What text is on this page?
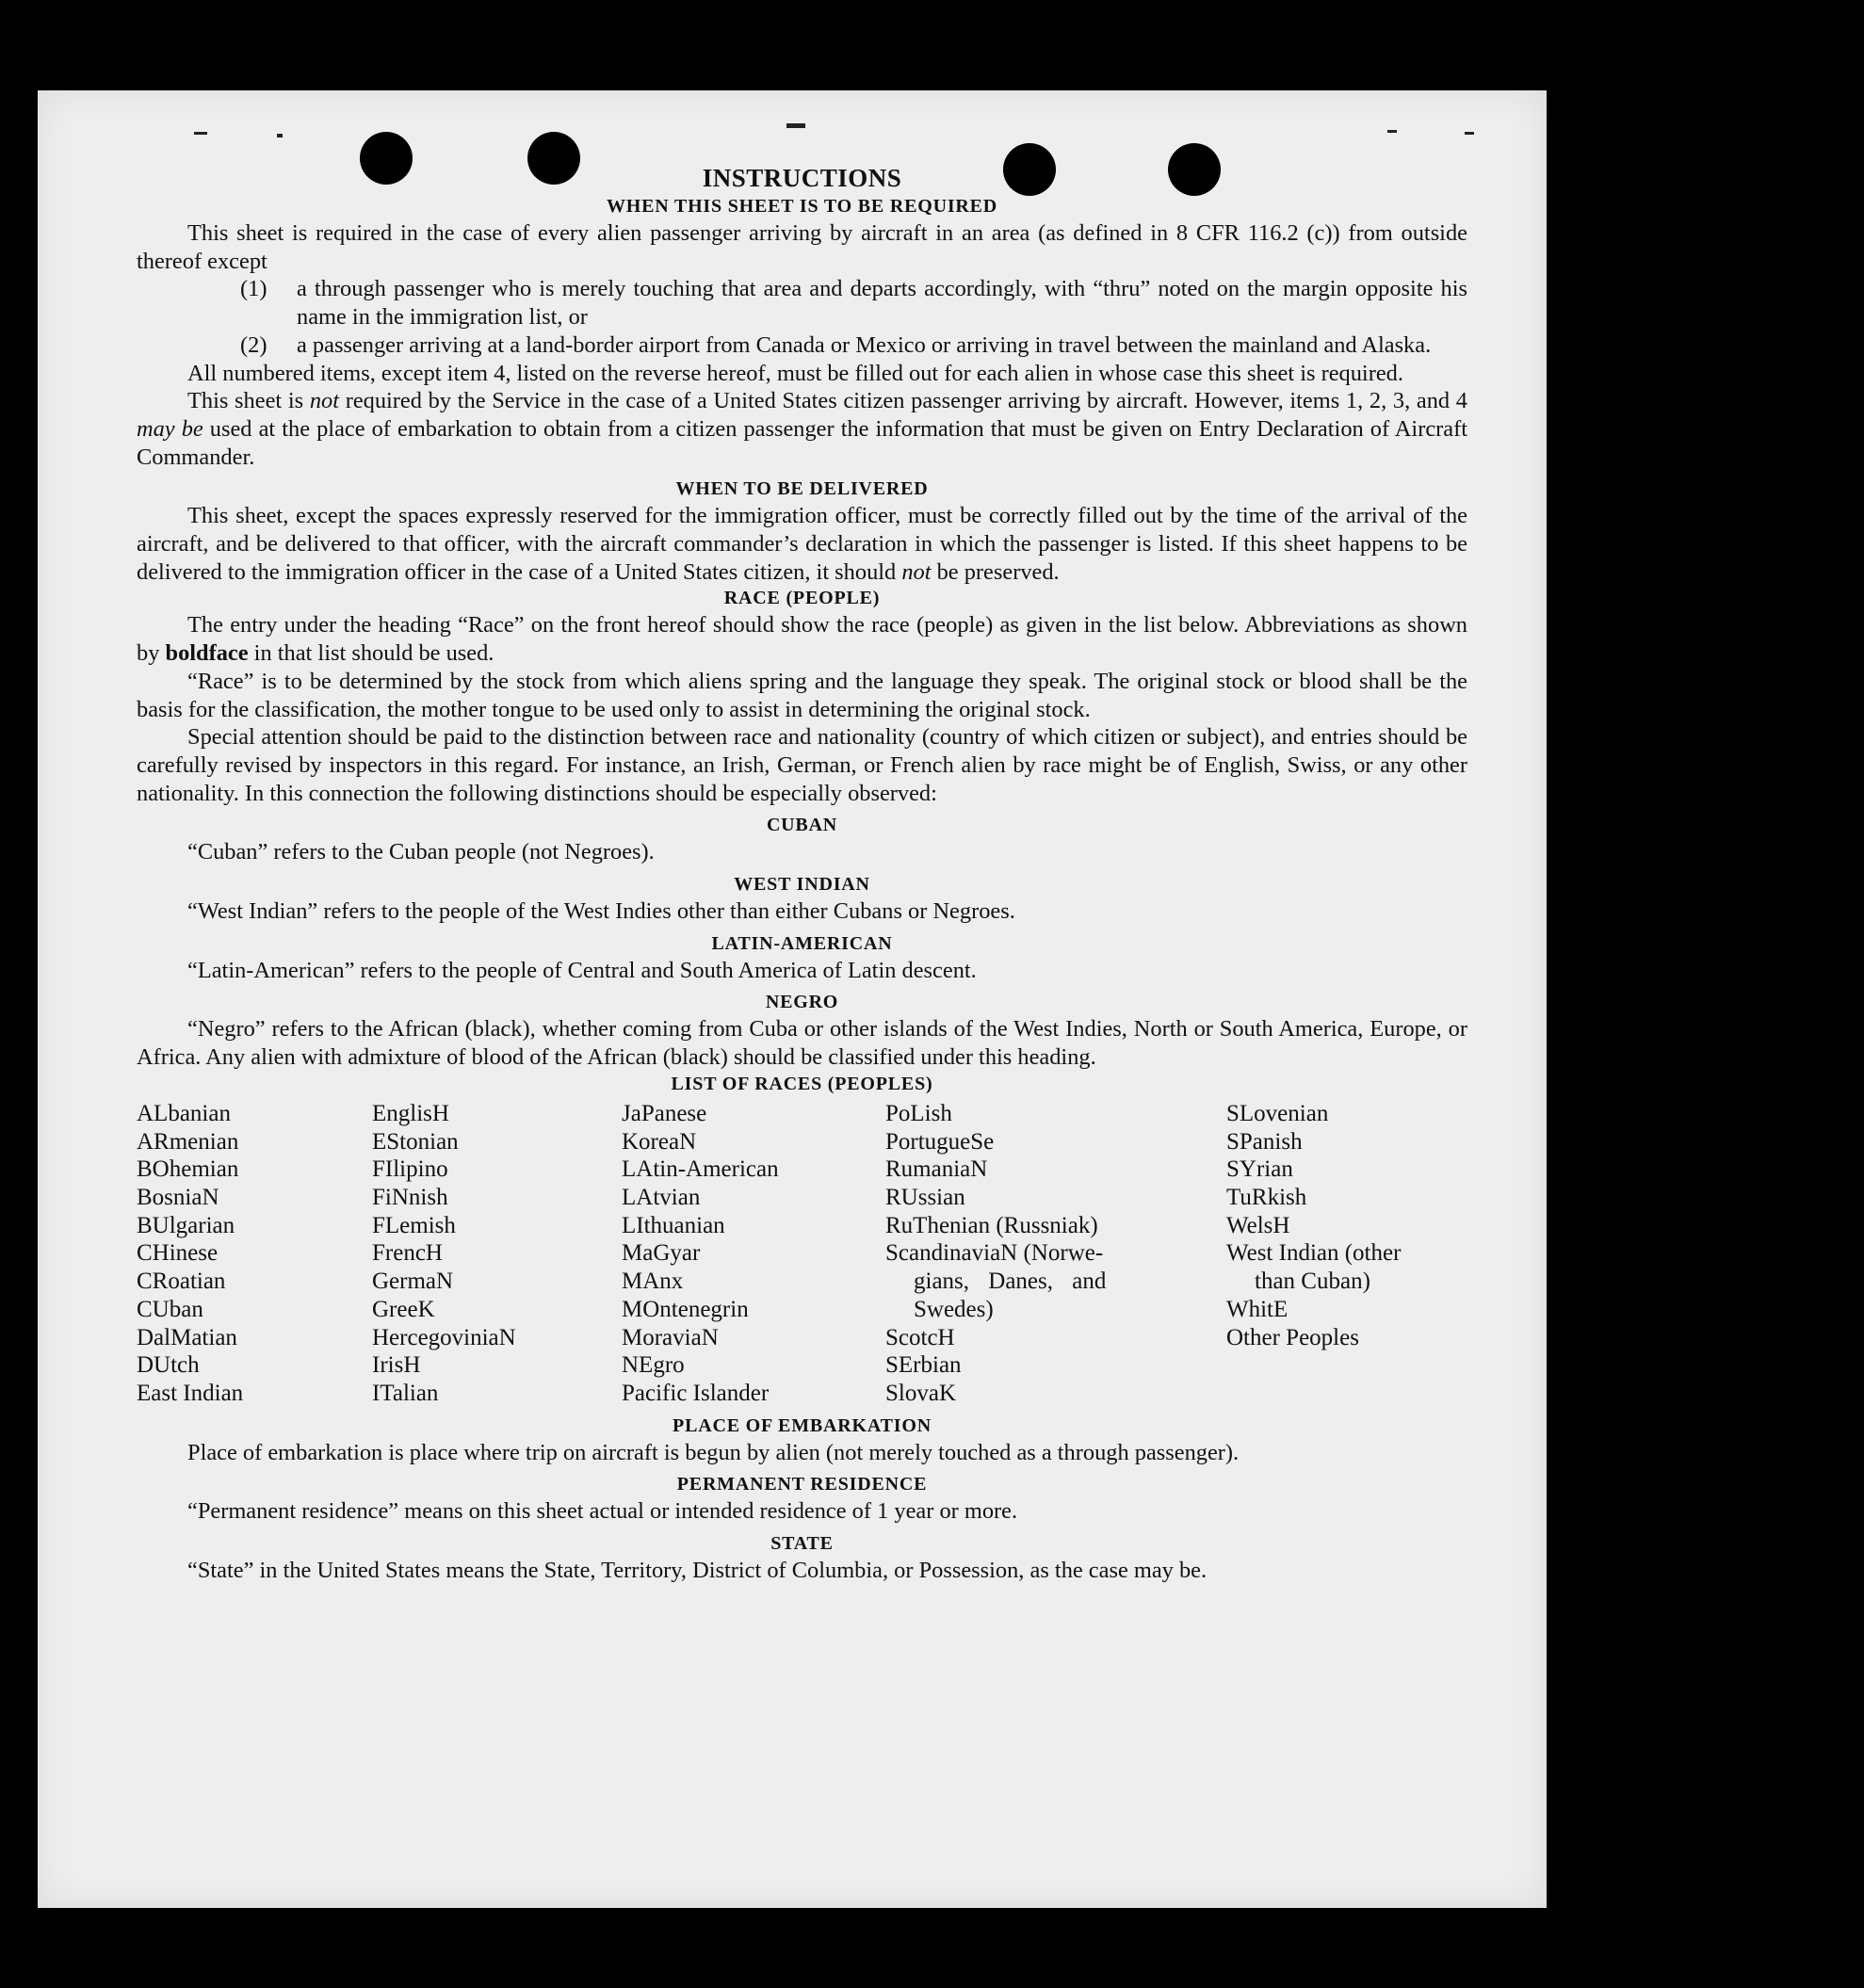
INSTRUCTIONS

WHEN THIS SHEET IS TO BE REQUIRED

This sheet is required in the case of every alien passenger arriving by aircraft in an area (as defined in 8 CFR 116.2 (c)) from outside thereof except

(1)	a through passenger who is merely touching that area and departs accordingly, with “thru” noted on the margin opposite his name in the immigration list, or
(2)	a passenger arriving at a land-border airport from Canada or Mexico or arriving in travel between the mainland and Alaska.

All numbered items, except item 4, listed on the reverse hereof, must be filled out for each alien in whose case this sheet is required.

This sheet is not required by the Service in the case of a United States citizen passenger arriving by aircraft. However, items 1, 2, 3, and 4 may be used at the place of embarkation to obtain from a citizen passenger the information that must be given on Entry Declaration of Aircraft Commander.

WHEN TO BE DELIVERED

This sheet, except the spaces expressly reserved for the immigration officer, must be correctly filled out by the time of the arrival of the aircraft, and be delivered to that officer, with the aircraft commander’s declaration in which the passenger is listed. If this sheet happens to be delivered to the immigration officer in the case of a United States citizen, it should not be preserved.

RACE (PEOPLE)

The entry under the heading “Race” on the front hereof should show the race (people) as given in the list below. Abbreviations as shown by boldface in that list should be used.

“Race” is to be determined by the stock from which aliens spring and the language they speak. The original stock or blood shall be the basis for the classification, the mother tongue to be used only to assist in determining the original stock.

Special attention should be paid to the distinction between race and nationality (country of which citizen or subject), and entries should be carefully revised by inspectors in this regard. For instance, an Irish, German, or French alien by race might be of English, Swiss, or any other nationality. In this connection the following distinctions should be especially observed:

CUBAN

“Cuban” refers to the Cuban people (not Negroes).

WEST INDIAN

“West Indian” refers to the people of the West Indies other than either Cubans or Negroes.

LATIN-AMERICAN

“Latin-American” refers to the people of Central and South America of Latin descent.

NEGRO

“Negro” refers to the African (black), whether coming from Cuba or other islands of the West Indies, North or South America, Europe, or Africa. Any alien with admixture of blood of the African (black) should be classified under this heading.

LIST OF RACES (PEOPLES)

ALbanian
ARmenian
BOhemian
BosniaN
BUlgarian
CHinese
CRoatian
CUban
DalMatian
DUtch
East Indian
EnglisH
EStonian
FIlipino
FiNnish
FLemish
FrencH
GermaN
GreeK
HercegoviniaN
IrisH
ITalian
JaPanese
KoreaN
LAtin-American
LAtvian
LIthuanian
MaGyar
MAnx
MOntenegrin
MoraviaN
NEgro
Pacific Islander
PoLish
PortugueSe
RumaniaN
RUssian
RuThenian (Russniak)
ScandinaviaN (Norwe-
gians, Danes, and
Swedes)
ScotcH
SErbian
SlovaK
SLovenian
SPanish
SYrian
TuRkish
WelsH
West Indian (other
than Cuban)
WhitE
Other Peoples

PLACE OF EMBARKATION

Place of embarkation is place where trip on aircraft is begun by alien (not merely touched as a through passenger).

PERMANENT RESIDENCE

“Permanent residence” means on this sheet actual or intended residence of 1 year or more.

STATE

“State” in the United States means the State, Territory, District of Columbia, or Possession, as the case may be.
